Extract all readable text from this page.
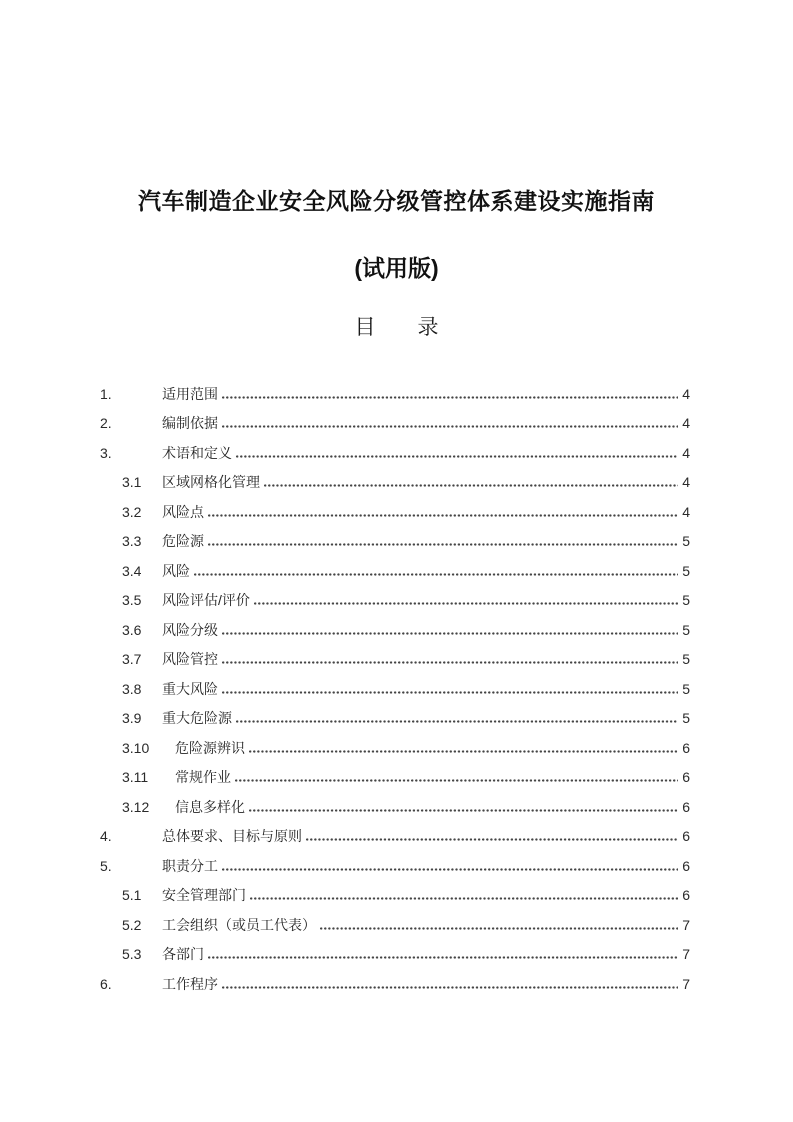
汽车制造企业安全风险分级管控体系建设实施指南
(试用版)
目　　录
1.	适用范围	4
2.	编制依据	4
3.	术语和定义	4
3.1	区域网格化管理	4
3.2	风险点	4
3.3	危险源	5
3.4	风险	5
3.5	风险评估/评价	5
3.6	风险分级	5
3.7	风险管控	5
3.8	重大风险	5
3.9	重大危险源	5
3.10	危险源辨识	6
3.11	常规作业	6
3.12	信息多样化	6
4.	总体要求、目标与原则	6
5.	职责分工	6
5.1	安全管理部门	6
5.2	工会组织（或员工代表）	7
5.3	各部门	7
6.	工作程序	7
